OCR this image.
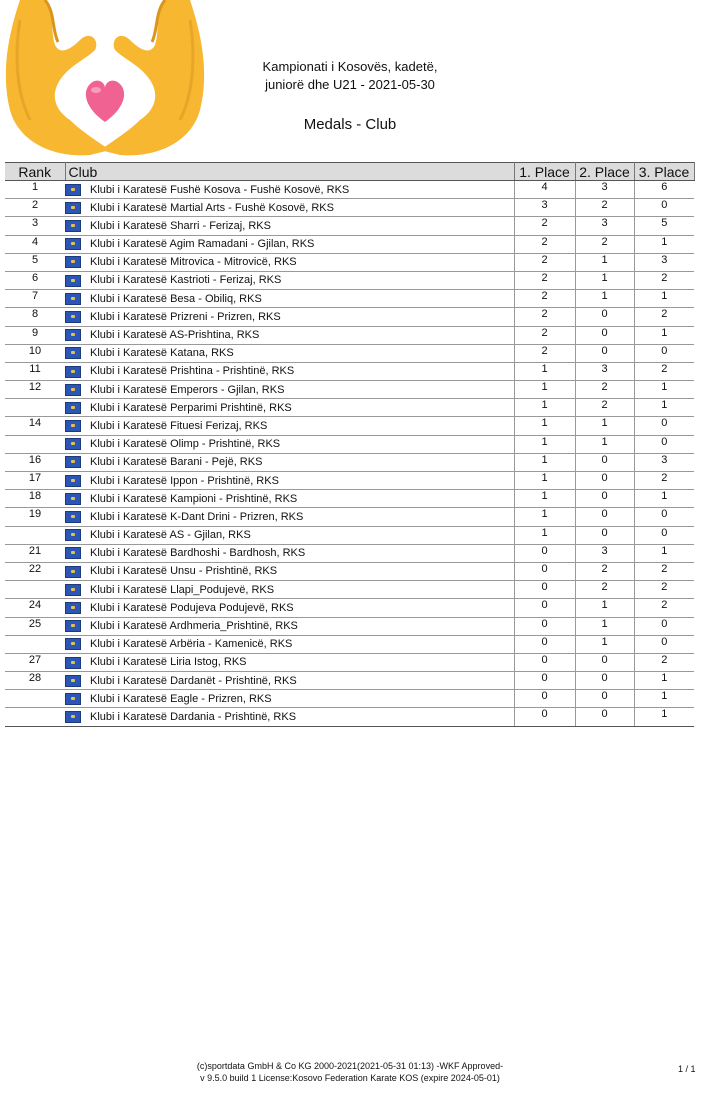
Kampionati i Kosovës, kadetë,
juniorë dhe U21 - 2021-05-30
Medals - Club
Rank	Club	1. Place	2. Place	3. Place
1	Klubi i Karatesë Fushë Kosova - Fushë Kosovë, RKS	4	3	6
2	Klubi i Karatesë Martial Arts - Fushë Kosovë, RKS	3	2	0
3	Klubi i Karatesë Sharri - Ferizaj, RKS	2	3	5
4	Klubi i Karatesë Agim Ramadani - Gjilan, RKS	2	2	1
5	Klubi i Karatesë Mitrovica - Mitrovicë, RKS	2	1	3
6	Klubi i Karatesë Kastrioti - Ferizaj, RKS	2	1	2
7	Klubi i Karatesë Besa - Obiliq, RKS	2	1	1
8	Klubi i Karatesë Prizreni - Prizren, RKS	2	0	2
9	Klubi i Karatesë AS-Prishtina, RKS	2	0	1
10	Klubi i Karatesë Katana, RKS	2	0	0
11	Klubi i Karatesë Prishtina - Prishtinë, RKS	1	3	2
12	Klubi i Karatesë Emperors - Gjilan, RKS	1	2	1
	Klubi i Karatesë Perparimi Prishtinë, RKS	1	2	1
14	Klubi i Karatesë Fituesi Ferizaj, RKS	1	1	0
	Klubi i Karatesë Olimp - Prishtinë, RKS	1	1	0
16	Klubi i Karatesë Barani - Pejë, RKS	1	0	3
17	Klubi i Karatesë Ippon - Prishtinë, RKS	1	0	2
18	Klubi i Karatesë Kampioni - Prishtinë, RKS	1	0	1
19	Klubi i Karatesë K-Dant Drini - Prizren, RKS	1	0	0
	Klubi i Karatesë AS - Gjilan, RKS	1	0	0
21	Klubi i Karatesë Bardhoshi - Bardhosh, RKS	0	3	1
22	Klubi i Karatesë Unsu - Prishtinë, RKS	0	2	2
	Klubi i Karatesë Llapi_Podujevë, RKS	0	2	2
24	Klubi i Karatesë Podujeva Podujevë, RKS	0	1	2
25	Klubi i Karatesë Ardhmeria_Prishtinë, RKS	0	1	0
	Klubi i Karatesë Arbëria - Kamenicë, RKS	0	1	0
27	Klubi i Karatesë Liria Istog, RKS	0	0	2
28	Klubi i Karatesë Dardanët - Prishtinë, RKS	0	0	1
	Klubi i Karatesë Eagle - Prizren, RKS	0	0	1
	Klubi i Karatesë Dardania - Prishtinë, RKS	0	0	1
(c)sportdata GmbH & Co KG 2000-2021(2021-05-31 01:13) -WKF Approved-
v 9.5.0 build 1 License:Kosovo Federation Karate KOS (expire 2024-05-01)
1 / 1
